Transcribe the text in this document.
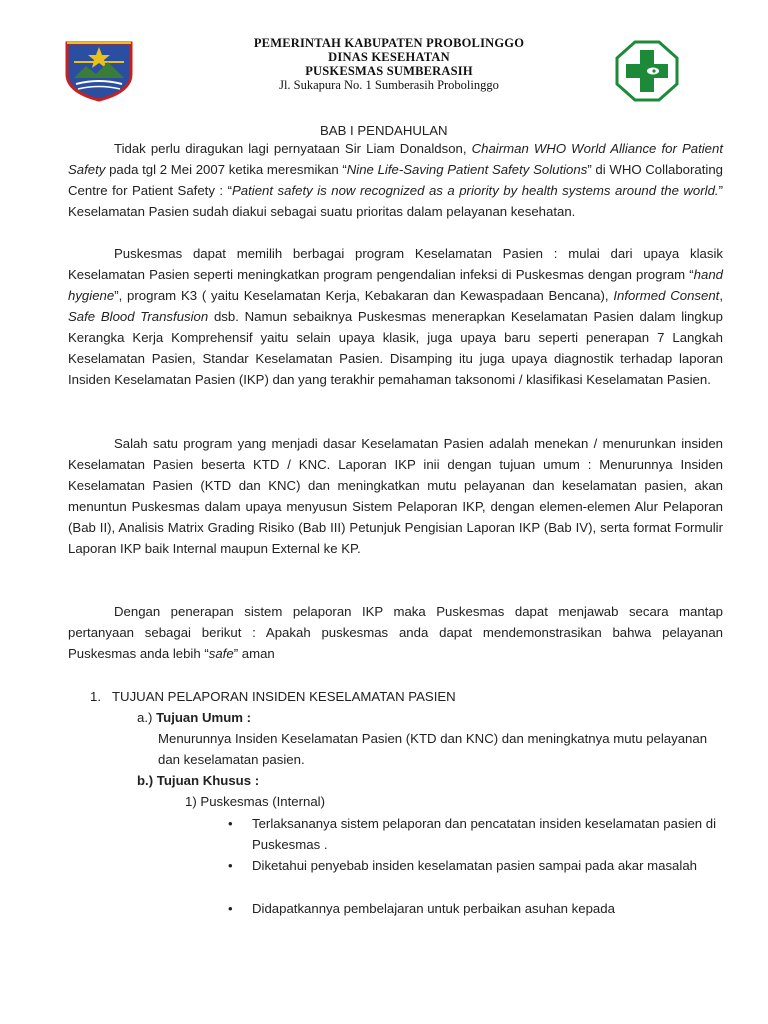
PEMERINTAH KABUPATEN PROBOLINGGO
DINAS KESEHATAN
PUSKESMAS SUMBERASIH
Jl. Sukapura No. 1 Sumberasih Probolinggo
BAB I PENDAHULAN

Tidak perlu diragukan lagi pernyataan Sir Liam Donaldson, Chairman WHO World Alliance for Patient Safety pada tgl 2 Mei 2007 ketika meresmikan “Nine Life-Saving Patient Safety Solutions” di WHO Collaborating Centre for Patient Safety : “Patient safety is now recognized as a priority by health systems around the world.” Keselamatan Pasien sudah diakui sebagai suatu prioritas dalam pelayanan kesehatan.

Puskesmas dapat memilih berbagai program Keselamatan Pasien : mulai dari upaya klasik Keselamatan Pasien seperti meningkatkan program pengendalian infeksi di Puskesmas dengan program “hand hygiene”, program K3 ( yaitu Keselamatan Kerja, Kebakaran dan Kewaspadaan Bencana), Informed Consent, Safe Blood Transfusion dsb. Namun sebaiknya Puskesmas menerapkan Keselamatan Pasien dalam lingkup Kerangka Kerja Komprehensif yaitu selain upaya klasik, juga upaya baru seperti penerapan 7 Langkah Keselamatan Pasien, Standar Keselamatan Pasien. Disamping itu juga upaya diagnostik terhadap laporan Insiden Keselamatan Pasien (IKP) dan yang terakhir pemahaman taksonomi / klasifikasi Keselamatan Pasien.

Salah satu program yang menjadi dasar Keselamatan Pasien adalah menekan / menurunkan insiden Keselamatan Pasien beserta KTD / KNC. Laporan IKP inii dengan tujuan umum : Menurunnya Insiden Keselamatan Pasien (KTD dan KNC) dan meningkatkan mutu pelayanan dan keselamatan pasien, akan menuntun Puskesmas dalam upaya menyusun Sistem Pelaporan IKP, dengan elemen-elemen Alur Pelaporan (Bab II), Analisis Matrix Grading Risiko (Bab III) Petunjuk Pengisian Laporan IKP (Bab IV), serta format Formulir Laporan IKP baik Internal maupun External ke KP.

Dengan penerapan sistem pelaporan IKP maka Puskesmas dapat menjawab secara mantap pertanyaan sebagai berikut : Apakah puskesmas anda dapat mendemonstrasikan bahwa pelayanan Puskesmas anda lebih “safe” aman

1. TUJUAN PELAPORAN INSIDEN KESELAMATAN PASIEN
a.) Tujuan Umum :
Menurunnya Insiden Keselamatan Pasien (KTD dan KNC) dan meningkatnya mutu pelayanan dan keselamatan pasien.
b.) Tujuan Khusus :
1) Puskesmas (Internal)
• Terlaksananya sistem pelaporan dan pencatatan insiden keselamatan pasien di Puskesmas .
• Diketahui penyebab insiden keselamatan pasien sampai pada akar masalah
• Didapatkannya pembelajaran untuk perbaikan asuhan kepada
